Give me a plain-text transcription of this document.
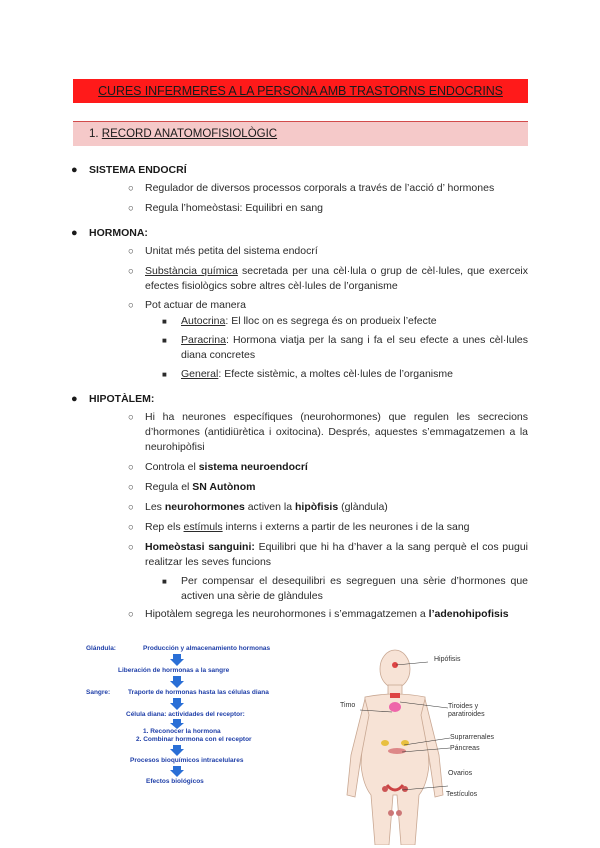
CURES INFERMERES A LA PERSONA AMB TRASTORNS ENDOCRINS
1. RECORD ANATOMOFISIOLÒGIC
● SISTEMA ENDOCRÍ
○ Regulador de diversos processos corporals a través de l’acció d’ hormones
○ Regula l’homeòstasi: Equilibri en sang
● HORMONA:
○ Unitat més petita del sistema endocrí
○ Substància química secretada per una cèl·lula o grup de cèl·lules, que exerceix efectes fisiològics sobre altres cèl·lules de l’organisme
○ Pot actuar de manera
■ Autocrina: El lloc on es segrega és on produeix l’efecte
■ Paracrina: Hormona viatja per la sang i fa el seu efecte a unes cèl·lules diana concretes
■ General: Efecte sistèmic, a moltes cèl·lules de l’organisme
● HIPOTÀLEM:
○ Hi ha neurones específiques (neurohormones) que regulen les secrecions d’hormones (antidiürètica i oxitocina). Després, aquestes s’emmagatzemen a la neurohipòfisi
○ Controla el sistema neuroendocrí
○ Regula el SN Autònom
○ Les neurohormones activen la hipòfisis (glàndula)
○ Rep els estímuls interns i externs a partir de les neurones i de la sang
○ Homeòstasi sanguini: Equilibri que hi ha d’haver a la sang perquè el cos pugui realitzar les seves funcions
■ Per compensar el desequilibri es segreguen una sèrie d’hormones que activen una sèrie de glàndules
○ Hipotàlem segrega les neurohormones i s’emmagatzemen a l’adenohipofisis
Glándula:	Producción y almacenamiento hormonas
Liberación de hormonas a la sangre
Sangre:	Traporte de hormonas hasta las células diana
Célula diana: actividades del receptor:
1. Reconocer la hormona
2. Combinar hormona con el receptor
Procesos bioquímicos intracelulares
Efectos biológicos
Hipófisis
Timo	Tiroides y paratiroides
Suprarrenales
Páncreas
Ovarios
Testículos
